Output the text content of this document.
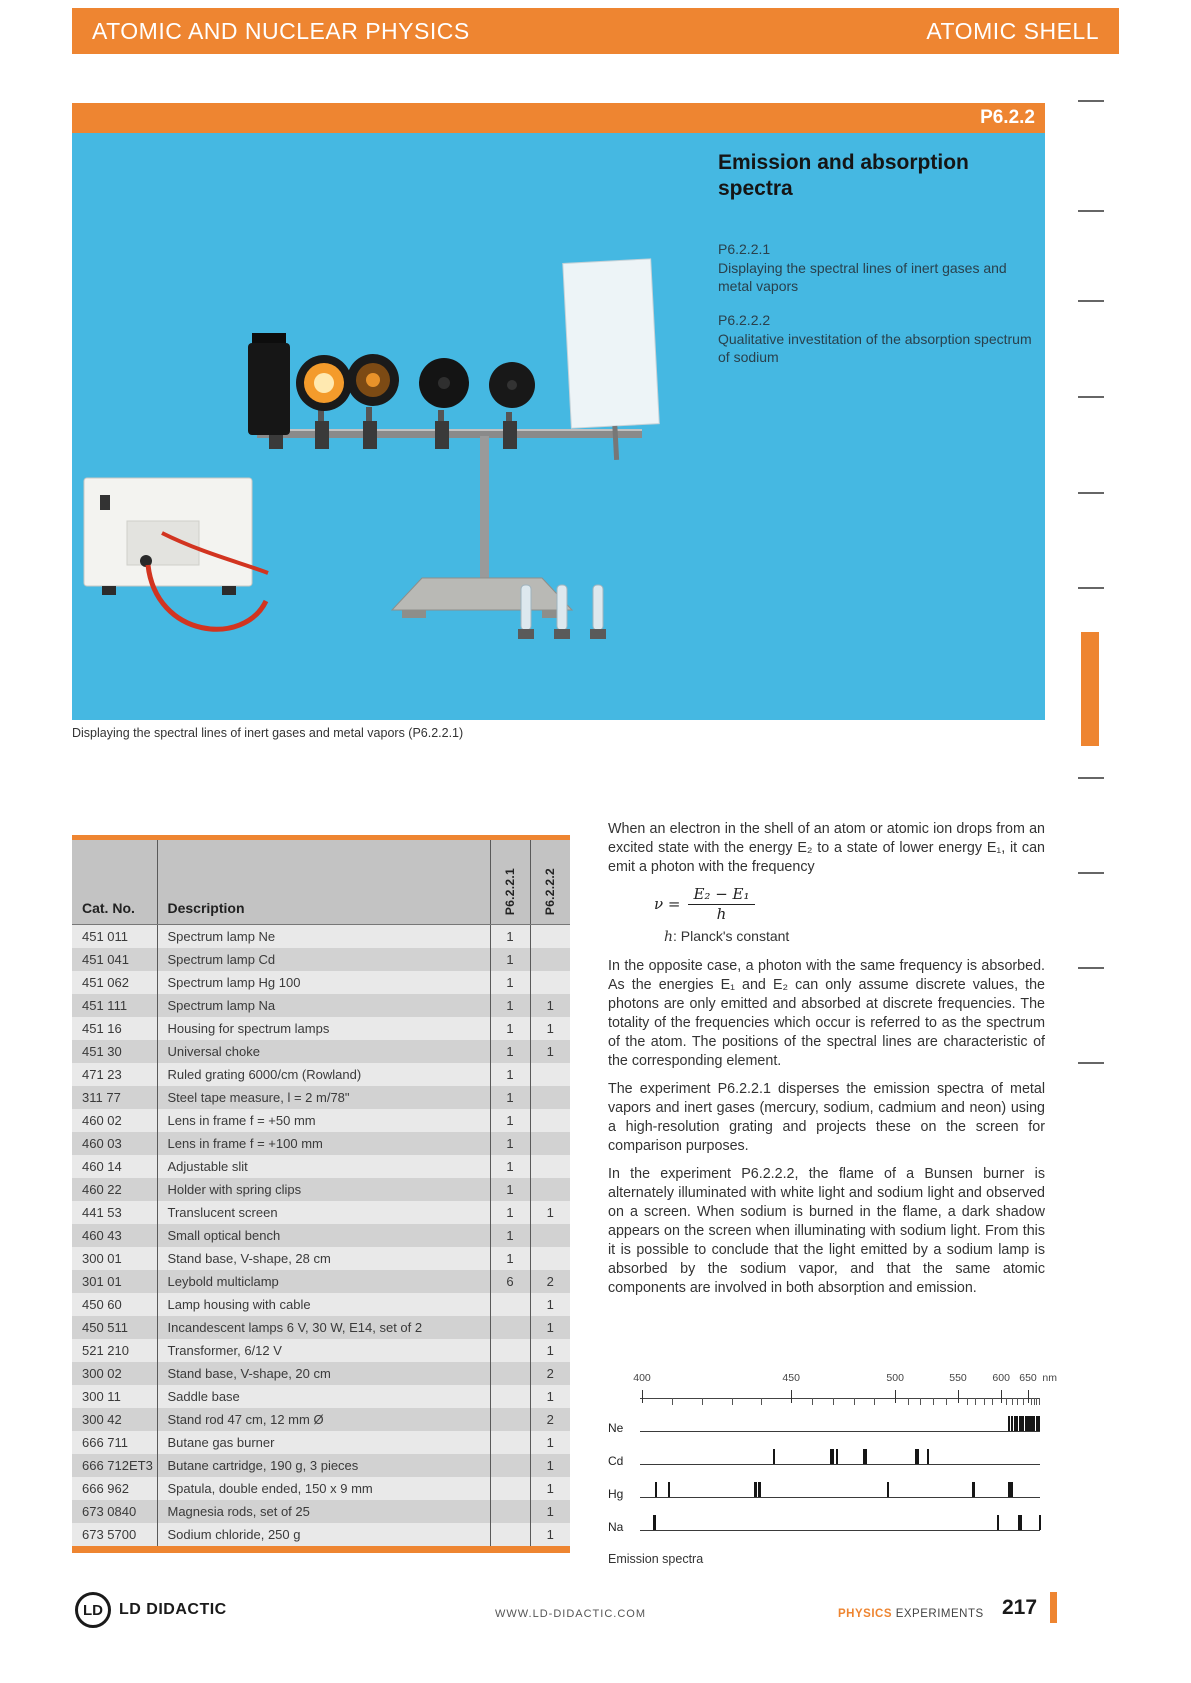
ATOMIC AND NUCLEAR PHYSICS	ATOMIC SHELL
P6.2.2
Emission and absorption spectra
P6.2.2.1
Displaying the spectral lines of inert gases and metal vapors
P6.2.2.2
Qualitative investitation of the absorption spectrum of sodium
Displaying the spectral lines of inert gases and metal vapors (P6.2.2.1)
Cat. No.	Description	P6.2.2.1	P6.2.2.2
451 011	Spectrum lamp Ne	1	
451 041	Spectrum lamp Cd	1	
451 062	Spectrum lamp Hg 100	1	
451 111	Spectrum lamp Na	1	1
451 16	Housing for spectrum lamps	1	1
451 30	Universal choke	1	1
471 23	Ruled grating 6000/cm (Rowland)	1	
311 77	Steel tape measure, l = 2 m/78"	1	
460 02	Lens in frame f = +50 mm	1	
460 03	Lens in frame f = +100 mm	1	
460 14	Adjustable slit	1	
460 22	Holder with spring clips	1	
441 53	Translucent screen	1	1
460 43	Small optical bench	1	
300 01	Stand base, V-shape, 28 cm	1	
301 01	Leybold multiclamp	6	2
450 60	Lamp housing with cable		1
450 511	Incandescent lamps 6 V, 30 W, E14, set of 2		1
521 210	Transformer, 6/12 V		1
300 02	Stand base, V-shape, 20 cm		2
300 11	Saddle base		1
300 42	Stand rod 47 cm, 12 mm Ø		2
666 711	Butane gas burner		1
666 712ET3	Butane cartridge, 190 g, 3 pieces		1
666 962	Spatula, double ended, 150 x 9 mm		1
673 0840	Magnesia rods, set of 25		1
673 5700	Sodium chloride, 250 g		1

When an electron in the shell of an atom or atomic ion drops from an excited state with the energy E₂ to a state of lower energy E₁, it can emit a photon with the frequency

$\nu = \frac{\text{E₂ − E₁}}{h}$
h: Planck's constant

In the opposite case, a photon with the same frequency is absorbed. As the energies E₁ and E₂ can only assume discrete values, the photons are only emitted and absorbed at discrete frequencies. The totality of the frequencies which occur is referred to as the spectrum of the atom. The positions of the spectral lines are characteristic of the corresponding element.

The experiment P6.2.2.1 disperses the emission spectra of metal vapors and inert gases (mercury, sodium, cadmium and neon) using a high-resolution grating and projects these on the screen for comparison purposes.

In the experiment P6.2.2.2, the flame of a Bunsen burner is alternately illuminated with white light and sodium light and observed on a screen. When sodium is burned in the flame, a dark shadow appears on the screen when illuminating with sodium light. From this it is possible to conclude that the light emitted by a sodium lamp is absorbed by the sodium vapor, and that the same atomic components are involved in both absorption and emission.

nm
400	450	500	550 600 650
Ne
Cd
Hg
Na
Emission spectra
LD	LD DIDACTIC	WWW.LD-DIDACTIC.COM	PHYSICS EXPERIMENTS 217
